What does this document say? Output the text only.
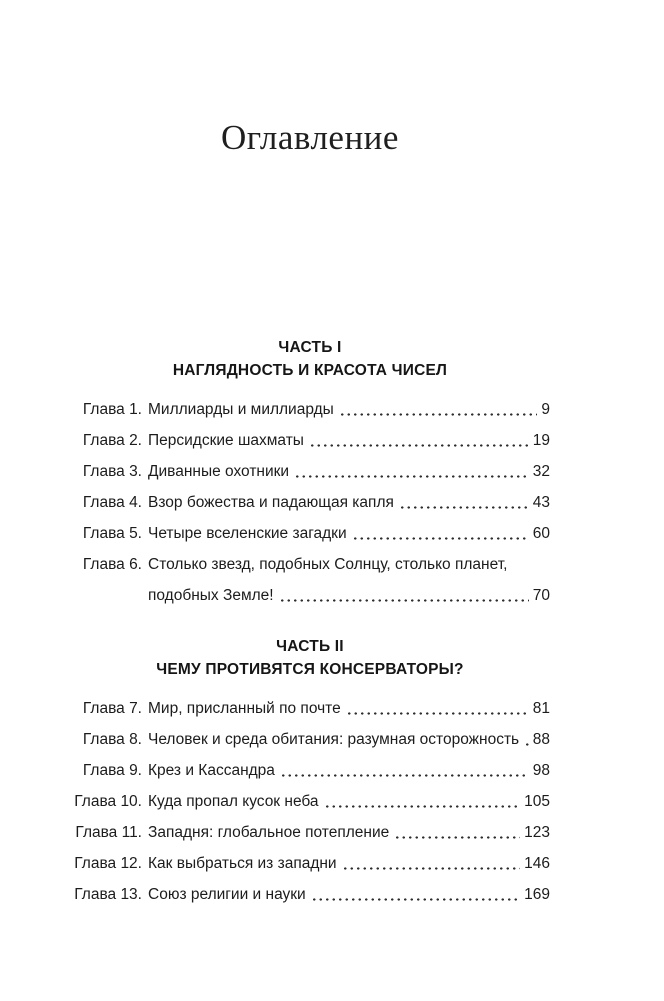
Оглавление
ЧАСТЬ I
НАГЛЯДНОСТЬ И КРАСОТА ЧИСЕЛ
Глава 1. Миллиарды и миллиарды	9
Глава 2. Персидские шахматы	19
Глава 3. Диванные охотники	32
Глава 4. Взор божества и падающая капля	43
Глава 5. Четыре вселенские загадки	60
Глава 6. Столько звезд, подобных Солнцу, столько планет,
подобных Земле!	70
ЧАСТЬ II
ЧЕМУ ПРОТИВЯТСЯ КОНСЕРВАТОРЫ?
Глава 7. Мир, присланный по почте	81
Глава 8. Человек и среда обитания: разумная осторожность 88
Глава 9. Крез и Кассандра	98
Глава 10. Куда пропал кусок неба	105
Глава 11. Западня: глобальное потепление	123
Глава 12. Как выбраться из западни	146
Глава 13. Союз религии и науки	169
